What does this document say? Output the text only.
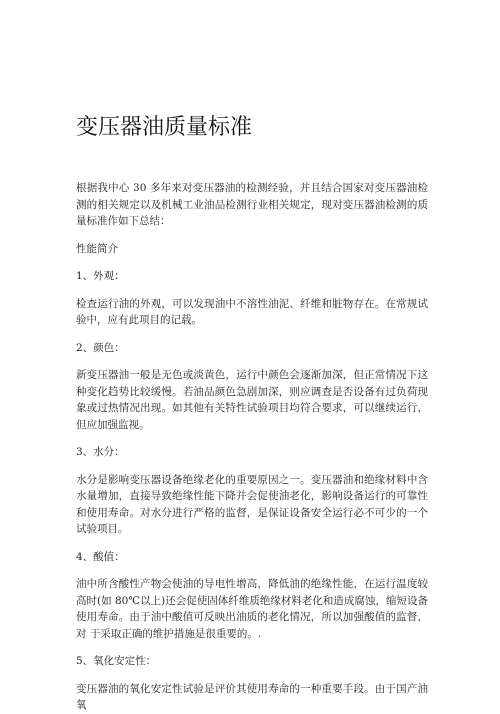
变压器油质量标准

根据我中心 30 多年来对变压器油的检测经验，并且结合国家对变压器油检测的相关规定以及机械工业油品检测行业相关规定，现对变压器油检测的质量标准作如下总结：

性能简介

1、外观：

检查运行油的外观，可以发现油中不溶性油泥、纤维和脏物存在。在常规试验中，应有此项目的记载。

2、颜色：

新变压器油一般是无色或淡黄色，运行中颜色会逐渐加深，但正常情况下这种变化趋势比较缓慢。若油品颜色急剧加深，则应调查是否设备有过负荷现象或过热情况出现。如其他有关特性试验项目均符合要求，可以继续运行，但应加强监视。

3、水分：

水分是影响变压器设备绝缘老化的重要原因之一。变压器油和绝缘材料中含水量增加，直接导致绝缘性能下降并会促使油老化，影响设备运行的可靠性和使用寿命。对水分进行严格的监督，是保证设备安全运行必不可少的一个试验项目。

4、酸值：

油中所含酸性产物会使油的导电性增高，降低油的绝缘性能，在运行温度较高时(如 80℃以上)还会促使固体纤维质绝缘材料老化和造成腐蚀，缩短设备使用寿命。由于油中酸值可反映出油质的老化情况，所以加强酸值的监督，对 于采取正确的维护措施是很重要的。.

5、氧化安定性：

变压器油的氧化安定性试验是评价其使用寿命的一种重要手段。由于国产油氧
